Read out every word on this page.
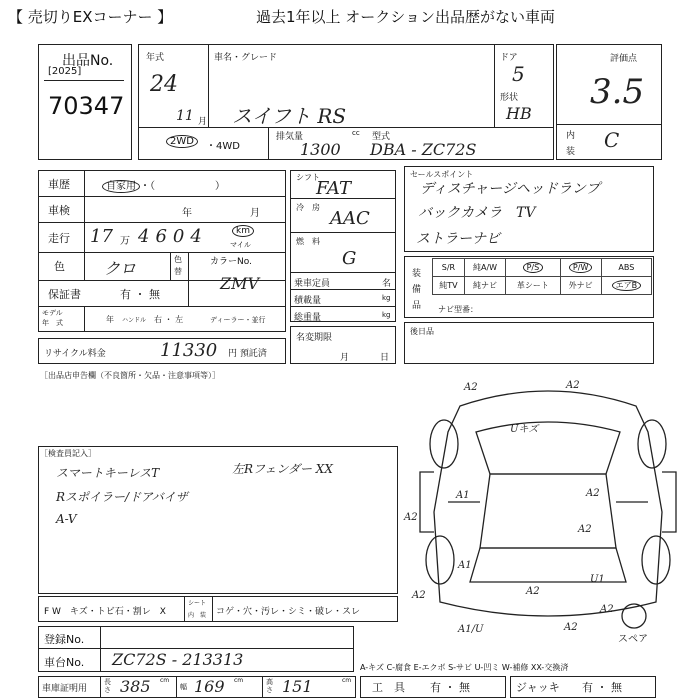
【 売切りEXコーナー 】	過去1年以上 オークション出品歴がない車両
出品No.
[2025]
70347
年式
24
11 月
車名・グレード
スイフト RS
ドア
5
形状
HB
2WD	・4WD
排気量	cc
1300
型式
DBA - ZC72S
評価点
3.5
内
装 C
車歴	自家用 ・（　　　　　　）
車検	年	月
走行 17 万 4604	km
マイル
色 クロ	色
替
カラーNo.
ZMV
保証書	有 ・ 無
モデル
年　式	年 ハンドル 右 ・ 左	ディーラー・並行
リサイクル料金	11330 円 預託済
シフト
FAT
冷　房
AAC
燃　料
G
乗車定員	名
積載量	kg
総重量	kg
名変期限
月	日
セールスポイント
ディスチャージヘッドランプ
バックカメラ　TV
ストラーナビ
装
備
品
S/R	純A/W	P/S	P/W	ABS
純TV	純ナビ	革シート	外ナビ	エアB
ナビ型番：
後日品
［出品店申告欄（不良箇所・欠品・注意事項等）］
［検査員記入］
スマートキーレスT
Rスポイラー/ドアバイザ
A-V
左Rフェンダー XX
A2	A2
Uキズ
A1	A2
A2
A2
A1
A2
U1
A2
A2
A1/U	A2
スペア
F W　キズ・トビ石・割レ　X
シート
内　装 コゲ・穴・汚レ・シミ・破レ・スレ
登録No.
車台No. ZC72S - 213313	A-キズ C-腐食 E-エクボ S-サビ U-凹ミ W-補修 XX-交換済
車庫証明用
長さ 385 cm
幅 169 cm	高さ 151	cm
工　具 有 ・ 無	ジャッキ 有 ・ 無
